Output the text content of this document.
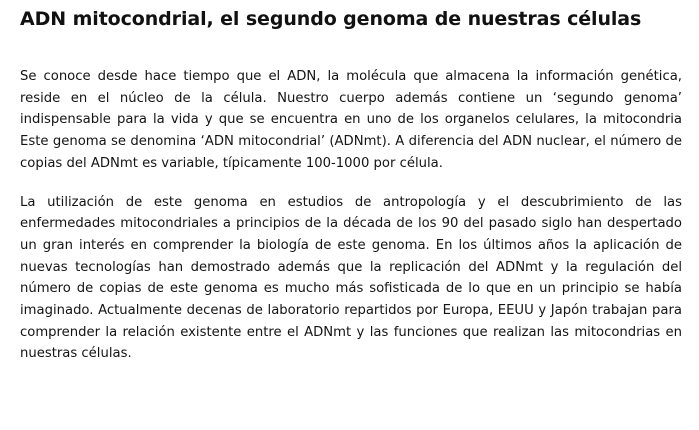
ADN mitocondrial, el segundo genoma de nuestras células

Se conoce desde hace tiempo que el ADN, la molécula que almacena la información genética, reside en el núcleo de la célula. Nuestro cuerpo además contiene un ‘segundo genoma’ indispensable para la vida y que se encuentra en uno de los organelos celulares, la mitocondria Este genoma se denomina ‘ADN mitocondrial’ (ADNmt). A diferencia del ADN nuclear, el número de copias del ADNmt es variable, típicamente 100-1000 por célula.

La utilización de este genoma en estudios de antropología y el descubrimiento de las enfermedades mitocondriales a principios de la década de los 90 del pasado siglo han despertado un gran interés en comprender la biología de este genoma. En los últimos años la aplicación de nuevas tecnologías han demostrado además que la replicación del ADNmt y la regulación del número de copias de este genoma es mucho más sofisticada de lo que en un principio se había imaginado. Actualmente decenas de laboratorio repartidos por Europa, EEUU y Japón trabajan para comprender la relación existente entre el ADNmt y las funciones que realizan las mitocondrias en nuestras células.
